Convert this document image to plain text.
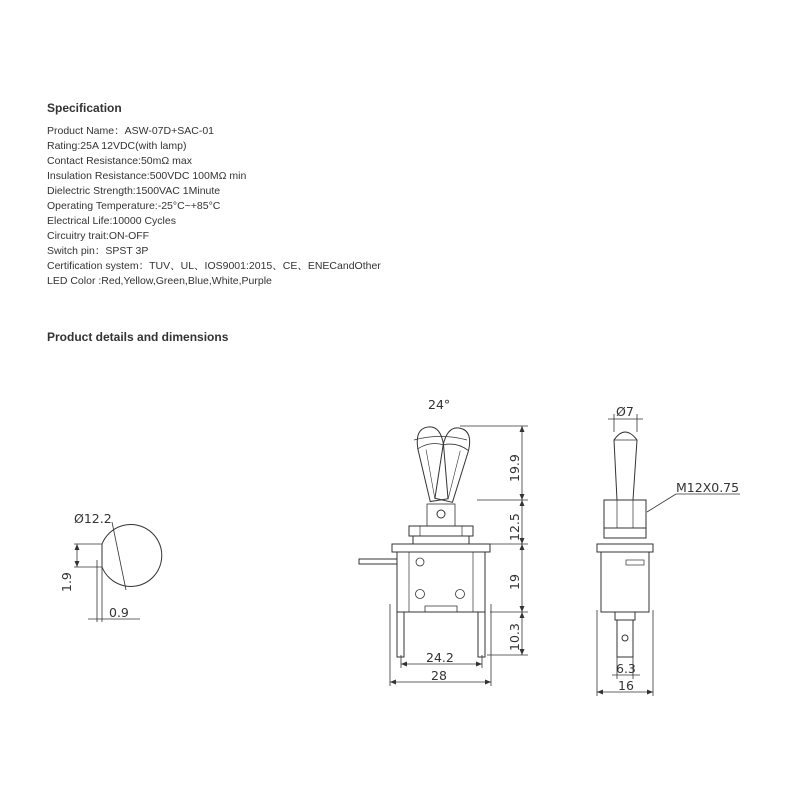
Specification
Product Name：ASW-07D+SAC-01
Rating:25A 12VDC(with lamp)
Contact Resistance:50mΩ max
Insulation Resistance:500VDC 100MΩ min
Dielectric Strength:1500VAC 1Minute
Operating Temperature:-25°C~+85°C
Electrical Life:10000 Cycles
Circuitry trait:ON-OFF
Switch pin：SPST 3P
Certification system：TUV、UL、IOS9001:2015、CE、ENECandOther
LED Color :Red,Yellow,Green,Blue,White,Purple
Product details and dimensions
Ø12.2
1.9
0.9
24°
19.9
12.5
19
10.3
24.2
28
Ø7
M12X0.75
6.3
16
